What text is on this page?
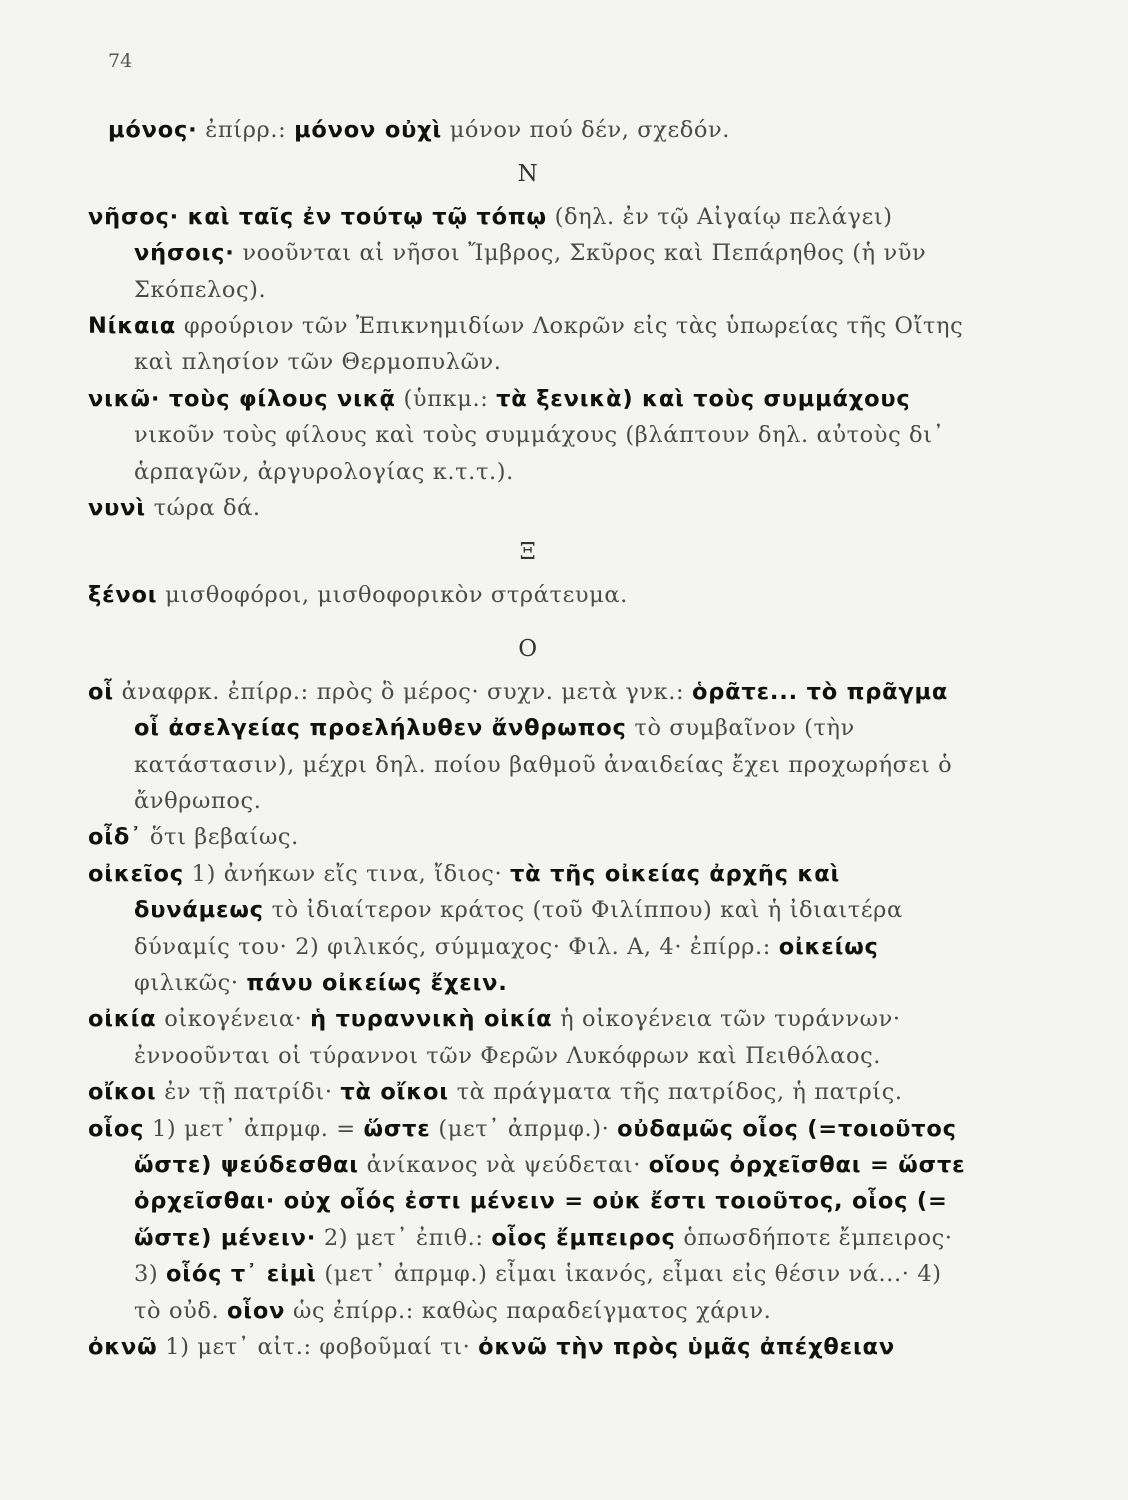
74

μόνος· ἐπίρρ.: μόνον οὐχὶ μόνον πού δέν, σχεδόν.

Ν

νῆσος· καὶ ταῖς ἐν τούτῳ τῷ τόπῳ (δηλ. ἐν τῷ Αἰγαίῳ πελάγει) νήσοις· νοοῦνται αἱ νῆσοι Ἴμβρος, Σκῦρος καὶ Πεπάρηθος (ἡ νῦν Σκόπελος).

Νίκαια φρούριον τῶν Ἐπικνημιδίων Λοκρῶν εἰς τὰς ὑπωρείας τῆς Οἴτης καὶ πλησίον τῶν Θερμοπυλῶν.

νικῶ· τοὺς φίλους νικᾷ (ὑπκμ.: τὰ ξενικὰ) καὶ τοὺς συμμάχους νικοῦν τοὺς φίλους καὶ τοὺς συμμάχους (βλάπτουν δηλ. αὐτοὺς δι᾿ ἁρπαγῶν, ἀργυρολογίας κ.τ.τ.).

νυνὶ τώρα δά.

Ξ

ξένοι μισθοφόροι, μισθοφορικὸν στράτευμα.

Ο

οἷ ἀναφρκ. ἐπίρρ.: πρὸς ὃ μέρος· συχν. μετὰ γνκ.: ὁρᾶτε... τὸ πρᾶγμα οἷ ἀσελγείας προελήλυθεν ἄνθρωπος τὸ συμβαῖνον (τὴν κατάστασιν), μέχρι δηλ. ποίου βαθμοῦ ἀναιδείας ἔχει προχωρήσει ὁ ἄνθρωπος.

οἶδ᾿ ὅτι βεβαίως.

οἰκεῖος 1) ἀνήκων εἴς τινα, ἴδιος· τὰ τῆς οἰκείας ἀρχῆς καὶ δυνάμεως τὸ ἰδιαίτερον κράτος (τοῦ Φιλίππου) καὶ ἡ ἰδιαιτέρα δύναμίς του· 2) φιλικός, σύμμαχος· Φιλ. Α, 4· ἐπίρρ.: οἰκείως φιλικῶς· πάνυ οἰκείως ἔχειν.

οἰκία οἰκογένεια· ἡ τυραννικὴ οἰκία ἡ οἰκογένεια τῶν τυράννων· ἐννοοῦνται οἱ τύραννοι τῶν Φερῶν Λυκόφρων καὶ Πειθόλαος.

οἴκοι ἐν τῇ πατρίδι· τὰ οἴκοι τὰ πράγματα τῆς πατρίδος, ἡ πατρίς.

οἷος 1) μετ᾿ ἀπρμφ. = ὥστε (μετ᾿ ἀπρμφ.)· οὐδαμῶς οἷος (=τοιοῦτος ὥστε) ψεύδεσθαι ἀνίκανος νὰ ψεύδεται· οἵους ὀρχεῖσθαι = ὥστε ὀρχεῖσθαι· οὐχ οἷός ἐστι μένειν = οὐκ ἔστι τοιοῦτος, οἷος (= ὥστε) μένειν· 2) μετ᾿ ἐπιθ.: οἷος ἔμπειρος ὁπωσδήποτε ἔμπειρος· 3) οἷός τ᾿ εἰμὶ (μετ᾿ ἀπρμφ.) εἶμαι ἱκανός, εἶμαι εἰς θέσιν νά...· 4) τὸ οὐδ. οἷον ὡς ἐπίρρ.: καθὼς παραδείγματος χάριν.

ὀκνῶ 1) μετ᾿ αἰτ.: φοβοῦμαί τι· ὀκνῶ τὴν πρὸς ὑμᾶς ἀπέχθειαν
